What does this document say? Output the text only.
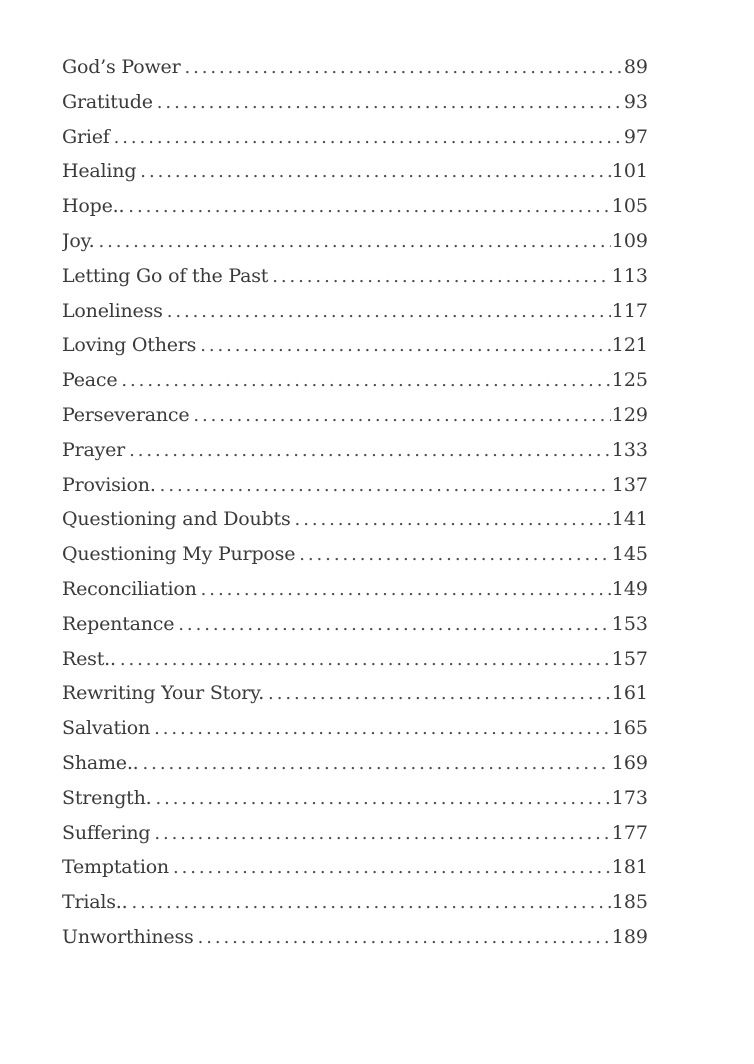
God’s Power . . .	89
Gratitude . . .	93
Grief . . .	97
Healing . . .	101
Hope.. . . .	105
Joy. . . .	109
Letting Go of the Past . . .	113
Loneliness . . .	117
Loving Others . . .	121
Peace . . .	125
Perseverance . . .	129
Prayer . . .	133
Provision. . . .	137
Questioning and Doubts . . .	141
Questioning My Purpose . . .	145
Reconciliation . . .	149
Repentance . . .	153
Rest.. . . .	157
Rewriting Your Story. . . .	161
Salvation . . .	165
Shame.. . . .	169
Strength. . . .	173
Suffering . . .	177
Temptation . . .	181
Trials.. . . .	185
Unworthiness . . .	189
